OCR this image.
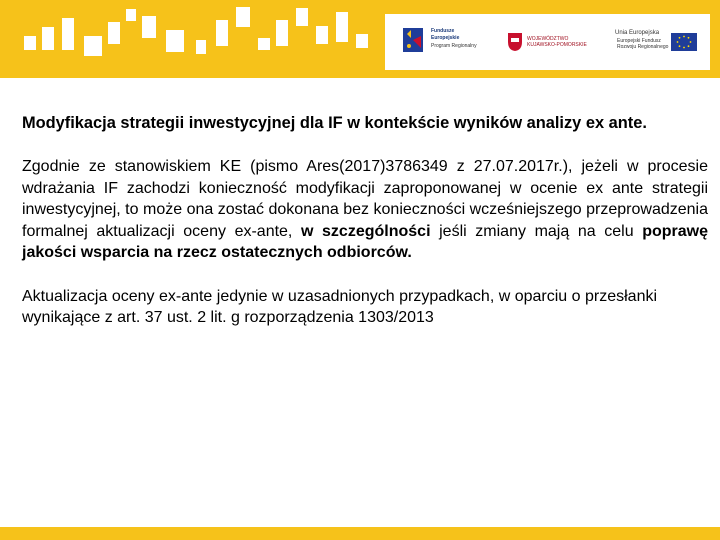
Fundusze
Europejskie
Program Regionalny
WOJEWÓDZTWO
KUJAWSKO-POMORSKIE
Unia Europejska
Europejski Fundusz
Rozwoju Regionalnego
Modyfikacja strategii inwestycyjnej dla IF w kontekście wyników analizy ex ante.

Zgodnie ze stanowiskiem KE (pismo Ares(2017)3786349 z 27.07.2017r.), jeżeli w procesie wdrażania IF zachodzi konieczność modyfikacji zaproponowanej w ocenie ex ante strategii inwestycyjnej, to może ona zostać dokonana bez konieczności wcześniejszego przeprowadzenia formalnej aktualizacji oceny ex-ante, w szczególności jeśli zmiany mają na celu poprawę jakości wsparcia na rzecz ostatecznych odbiorców.

Aktualizacja oceny ex-ante jedynie w uzasadnionych przypadkach, w oparciu o przesłanki wynikające z art. 37 ust. 2 lit. g rozporządzenia 1303/2013
